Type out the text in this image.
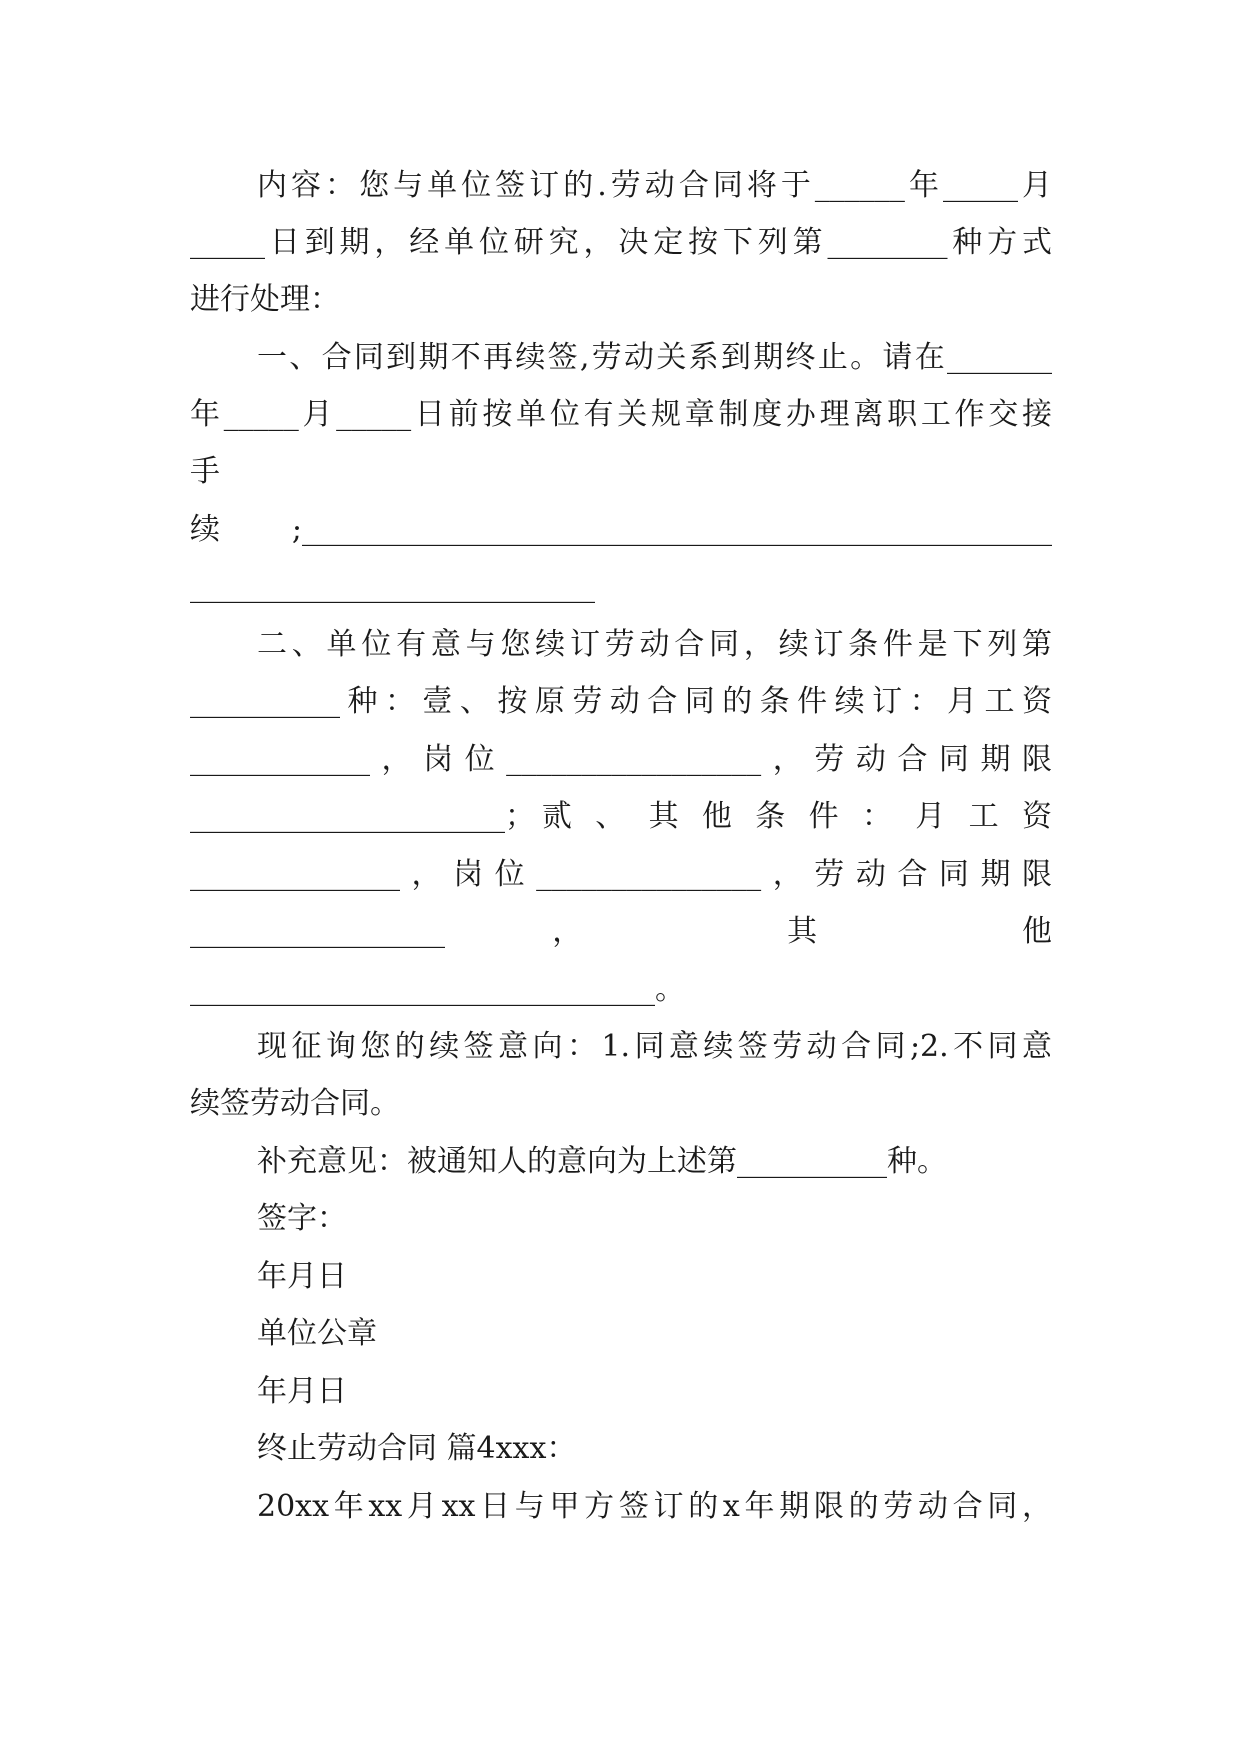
内容：您与单位签订的.劳动合同将于______年_____月
_____日到期，经单位研究，决定按下列第________种方式
进行处理：
一、合同到期不再续签,劳动关系到期终止。请在_______
年_____月_____日前按单位有关规章制度办理离职工作交接
手
续;__________________________________________________
___________________________
二、单位有意与您续订劳动合同，续订条件是下列第
__________种：壹、按原劳动合同的条件续订：月工资
____________，岗位_________________，劳动合同期限
_____________________；贰 、 其 他 条 件 ： 月 工 资
______________，岗位_______________，劳动合同期限
_________________ ， 其 他
_______________________________。
现征询您的续签意向：1.同意续签劳动合同;2.不同意
续签劳动合同。
补充意见：被通知人的意向为上述第__________种。
签字：
年月日
单位公章
年月日
终止劳动合同 篇4xxx：
20xx年xx月xx日与甲方签订的x年期限的劳动合同，
